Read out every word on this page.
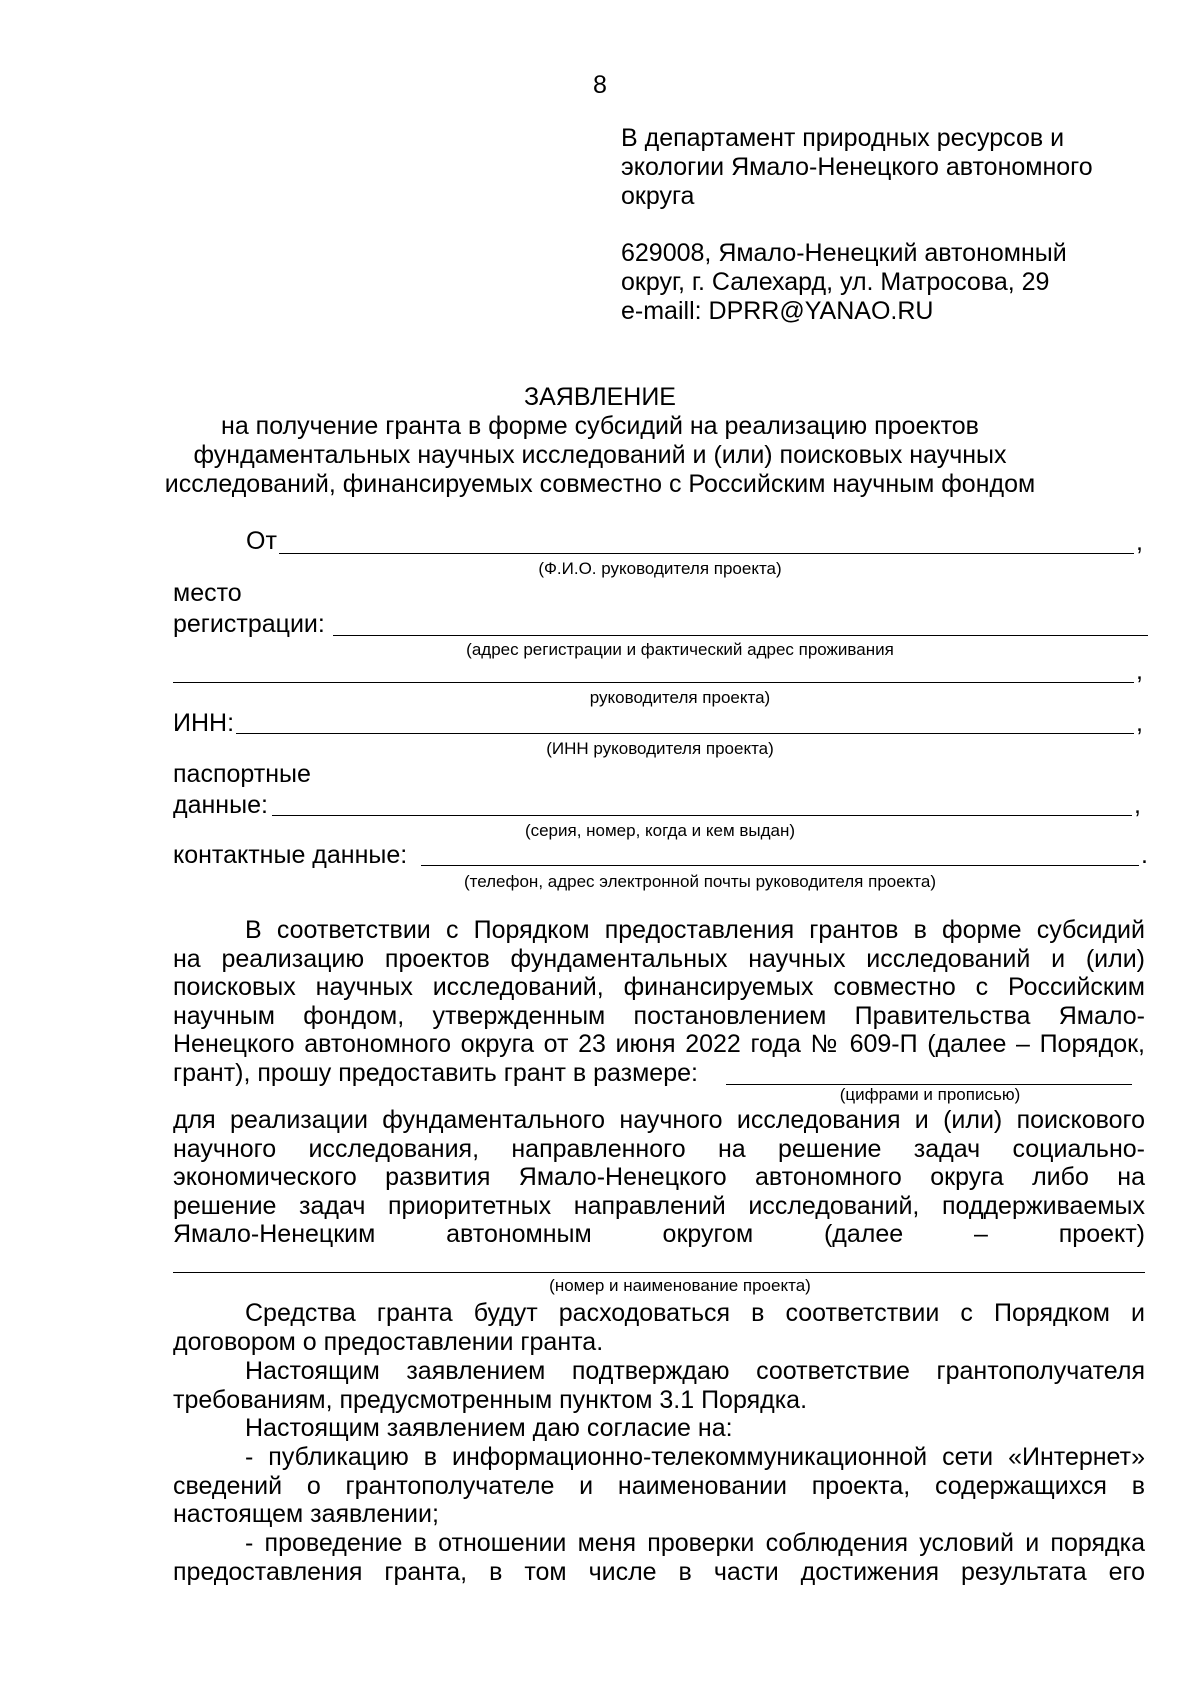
8
В департамент природных ресурсов и
экологии Ямало-Ненецкого автономного
округа
629008, Ямало-Ненецкий автономный
округ, г. Салехард, ул. Матросова, 29
e-maill: DPRR@YANAO.RU
ЗАЯВЛЕНИЕ
на получение гранта в форме субсидий на реализацию проектов
фундаментальных научных исследований и (или) поисковых научных
исследований, финансируемых совместно с Российским научным фондом
От	,
(Ф.И.О. руководителя проекта)
место
регистрации:
(адрес регистрации и фактический адрес проживания
,
руководителя проекта)
ИНН:	,
(ИНН руководителя проекта)
паспортные
данные:	,
(серия, номер, когда и кем выдан)
контактные данные:	.
(телефон, адрес электронной почты руководителя проекта)
В соответствии с Порядком предоставления грантов в форме субсидий
на реализацию проектов фундаментальных научных исследований и (или)
поисковых научных исследований, финансируемых совместно с Российским
научным фондом, утвержденным постановлением Правительства Ямало-
Ненецкого автономного округа от 23 июня 2022 года № 609-П (далее – Порядок,
грант), прошу предоставить грант в размере:
(цифрами и прописью)
для реализации фундаментального научного исследования и (или) поискового
научного исследования, направленного на решение задач социально-
экономического развития Ямало-Ненецкого автономного округа либо на
решение задач приоритетных направлений исследований, поддерживаемых
Ямало-Ненецким автономным округом (далее – проект)
(номер и наименование проекта)
Средства гранта будут расходоваться в соответствии с Порядком и
договором о предоставлении гранта.
Настоящим заявлением подтверждаю соответствие грантополучателя
требованиям, предусмотренным пунктом 3.1 Порядка.
Настоящим заявлением даю согласие на:
- публикацию в информационно-телекоммуникационной сети «Интернет»
сведений о грантополучателе и наименовании проекта, содержащихся в
настоящем заявлении;
- проведение в отношении меня проверки соблюдения условий и порядка
предоставления гранта, в том числе в части достижения результата его
